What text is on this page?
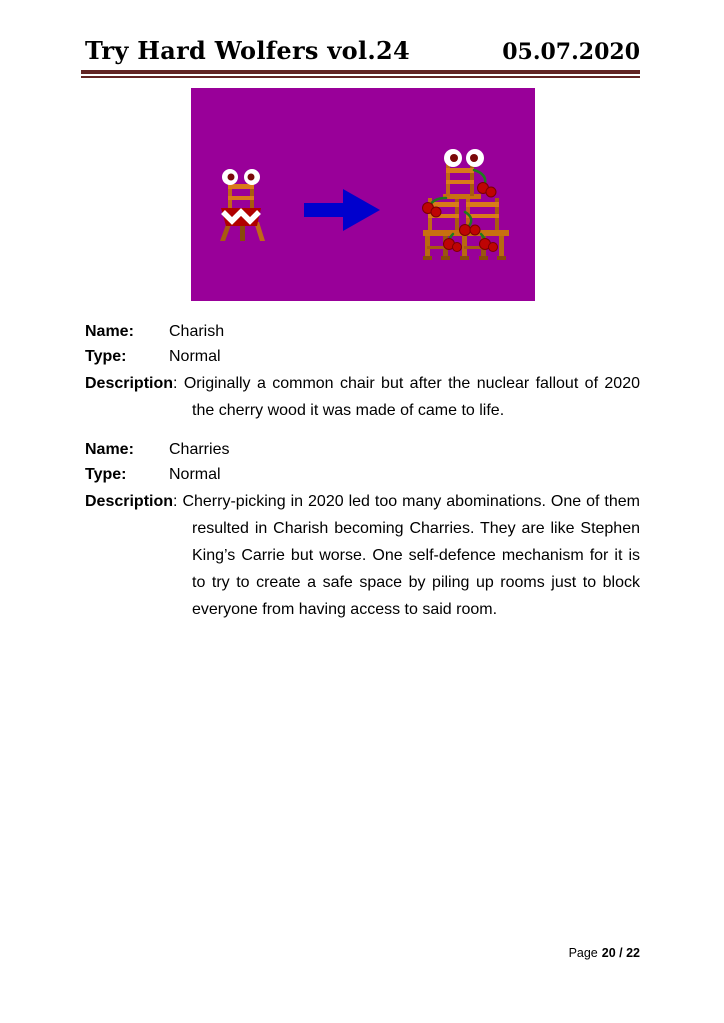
Try Hard Wolfers vol.24	05.07.2020
Name: Charish
Type:	Normal

Description: Originally a common chair but after the nuclear fallout of 2020 the cherry wood it was made of came to life.

Name: Charries
Type:	Normal

Description: Cherry-picking in 2020 led too many abominations. One of them resulted in Charish becoming Charries. They are like Stephen King’s Carrie but worse. One self-defence mechanism for it is to try to create a safe space by piling up rooms just to block everyone from having access to said room.

Page 20 / 22
